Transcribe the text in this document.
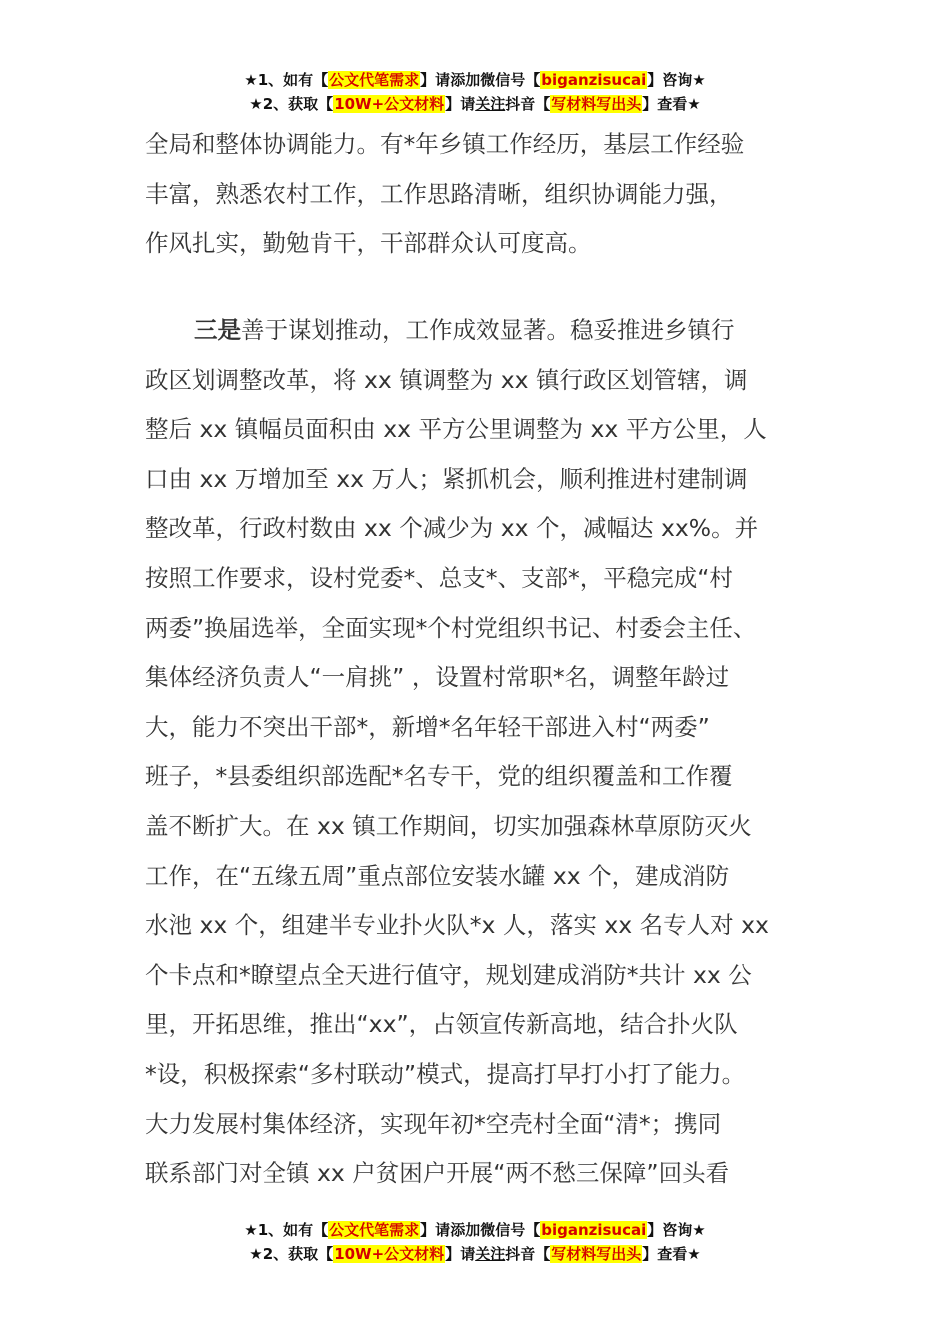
★1、如有【公文代笔需求】请添加微信号【biganzisucai】咨询★
★2、获取【10W+公文材料】请关注抖音【写材料写出头】查看★
全局和整体协调能力。有*年乡镇工作经历，基层工作经验
丰富，熟悉农村工作，工作思路清晰，组织协调能力强，
作风扎实，勤勉肯干，干部群众认可度高。
三是善于谋划推动，工作成效显著。稳妥推进乡镇行
政区划调整改革，将 xx 镇调整为 xx 镇行政区划管辖，调
整后 xx 镇幅员面积由 xx 平方公里调整为 xx 平方公里，人
口由 xx 万增加至 xx 万人；紧抓机会，顺利推进村建制调
整改革，行政村数由 xx 个减少为 xx 个，减幅达 xx%。并
按照工作要求，设村党委*、总支*、支部*，平稳完成“村
两委”换届选举，全面实现*个村党组织书记、村委会主任、
集体经济负责人“一肩挑” ，设置村常职*名，调整年龄过
大，能力不突出干部*，新增*名年轻干部进入村“两委”
班子，*县委组织部选配*名专干，党的组织覆盖和工作覆
盖不断扩大。在 xx 镇工作期间，切实加强森林草原防灭火
工作，在“五缘五周”重点部位安装水罐 xx 个，建成消防
水池 xx 个，组建半专业扑火队*x 人，落实 xx 名专人对 xx
个卡点和*瞭望点全天进行值守，规划建成消防*共计 xx 公
里，开拓思维，推出“xx”，占领宣传新高地，结合扑火队
*设，积极探索“多村联动”模式，提高打早打小打了能力。
大力发展村集体经济，实现年初*空壳村全面“清*；携同
联系部门对全镇 xx 户贫困户开展“两不愁三保障”回头看
★1、如有【公文代笔需求】请添加微信号【biganzisucai】咨询★
★2、获取【10W+公文材料】请关注抖音【写材料写出头】查看★
